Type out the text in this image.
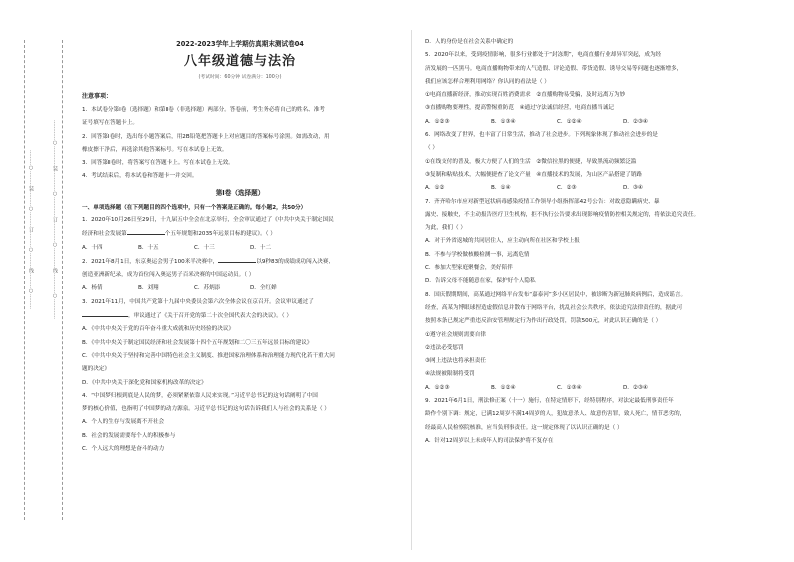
………○………装………○………订………○………线………○………	…………○…………装…………○…………订…………○…………线…………○…………
2022-2023学年上学期仿真期末测试卷04
八年级道德与法治
(考试时间：60分钟 试卷满分：100分)
注意事项：
1．本试卷分第Ⅰ卷（选择题）和第Ⅱ卷（非选择题）两部分。答卷前，考生务必将自己的姓名、准考
证号填写在答题卡上。
2．回答第Ⅰ卷时，选出每小题答案后，用2B铅笔把答题卡上对应题目的答案标号涂黑。如需改动，用
橡皮擦干净后，再选涂其他答案标号。写在本试卷上无效。
3．回答第Ⅱ卷时，将答案写在答题卡上。写在本试卷上无效。
4．考试结束后，将本试卷和答题卡一并交回。
第Ⅰ卷（选择题）
一、单项选择题（在下列题目的四个选项中，只有一个答案是正确的。每小题2，共50分）
1．2020年10月26日至29日，十九届五中全会在北京举行，全会审议通过了《中共中央关于制定国民
经济和社会发展第	个五年规划和2035年远景目标的建议》。（ ）
A．十四	B．十五	C．十三	D．十二
2．2021年8月1日，东京奥运会男子100米半决赛中，	以9秒83的成绩成功闯入决赛,
创造亚洲新纪录，成为首位闯入奥运男子百米决赛的中国运动员。（ ）
A．杨倩	B．刘翔	C．苏炳添	D．全红婵
3．2021年11月，中国共产党第十九届中央委员会第六次全体会议在京召开。会议审议通过了
，审议通过了《关于召开党的第二十次全国代表大会的决议》。（ ）
A．《中共中央关于党的百年奋斗重大成就和历史经验的决议》
B．《中共中央关于制定国民经济和社会发展第十四个五年规划和二〇三五年远景目标的建议》
C．《中共中央关于坚持和完善中国特色社会主义制度、推进国家治理体系和治理能力现代化若干重大问
题的决定》
D．《中共中央关于深化党和国家机构改革的决定》
4．“中国梦归根到底是人民的梦，必须紧紧依靠人民来实现。”习近平总书记的这句话阐明了中国
梦的核心价值，也指明了中国梦的动力源泉。习近平总书记的这句话告诉我们人与社会的关系是（ ）
A．个人的生存与发展离不开社会
B．社会的发展需要每个人的积极参与
C．个人远大的理想是奋斗的动力
D．人的身份是在社会关系中确定的
5．2020年以来，受到疫情影响，很多行业都处于“封冻期”，电商直播行业却异军突起，成为经
济发展的一匹黑马。电商直播购物带来的人气造假、评论造假、带货造假、诱导交易等问题也逐渐增多，
我们应该怎样合理利用网络？你认同的看法是（ ）
①电商直播新经济，推动实现百姓消费需求　②直播购物易受骗，及时远离万为妙
③直播购物要理性，提高警惕重防范　④通过守法诚信经营，电商直播当诚记
A．①②③	B．①③④	C．①②④	D．②③④
6．网络改变了世界，也丰富了日常生活，推动了社会进步。下列现象体现了推动社会进步的是
（ ）
①在线支付的普及，极大方便了人们的生活　②微信拉黑的便捷，导致黑流动频繁泛滥
③复制和粘贴技术，大幅便捷查了论文产量　④直播技术的发展，为山区产品搭建了销路
A．①②	B．①④	C．②③	D．③④
7．齐齐哈尔市应对新型冠状病毒感染疫情工作领导小组指挥部42号公告：对故意隐瞒病史、暴
露史、接触史，不主动报告医疗卫生机构，拒不执行公告要求出现影响疫情防控相关规定的，将依法追究责任。
为此，我们（ ）
A．对于外省返城的共同居住人，应主动向所在社区和学校上报
B．不参与学校做核酸检测一事，远离危情
C．参加大型家庭聚餐会，美好陪伴
D．告诉父母不能随意在家，保护好个人隐私
8．国庆假期期间，高某通过网络平台发布“嘉泰河”多小区居民中，被诊断为新冠肺炎病例后，造成谣言。
经查，高某为博眼球捏造虚假信息并散布于网络平台，扰乱社会公共秩序，依法追究法律责任的，据此可
按照本条已规定严重违反治安管理规定行为作出行政处罚，罚款500元，对此认识正确的是（ ）
①遵守社会规则需要自律
②违法必受惩罚
③网上违法也将承担责任
④法规被限制将受罚
A．①②③	B．①②④	C．①③④	D．②③④
9．2021年6月1日，刑法修正案（十一）施行，在特定情形下，经特别程序，对法定最低刑事责任年
龄作个别下调：规定，已满12周岁不满14周岁的人，犯故意杀人、故意伤害罪，致人死亡，情节恶劣的，
经最高人民检察院核准，应当负刑事责任。这一规定体现了以认识正确的是（ ）
A．针对12周岁以上未成年人的司法保护将不复存在
